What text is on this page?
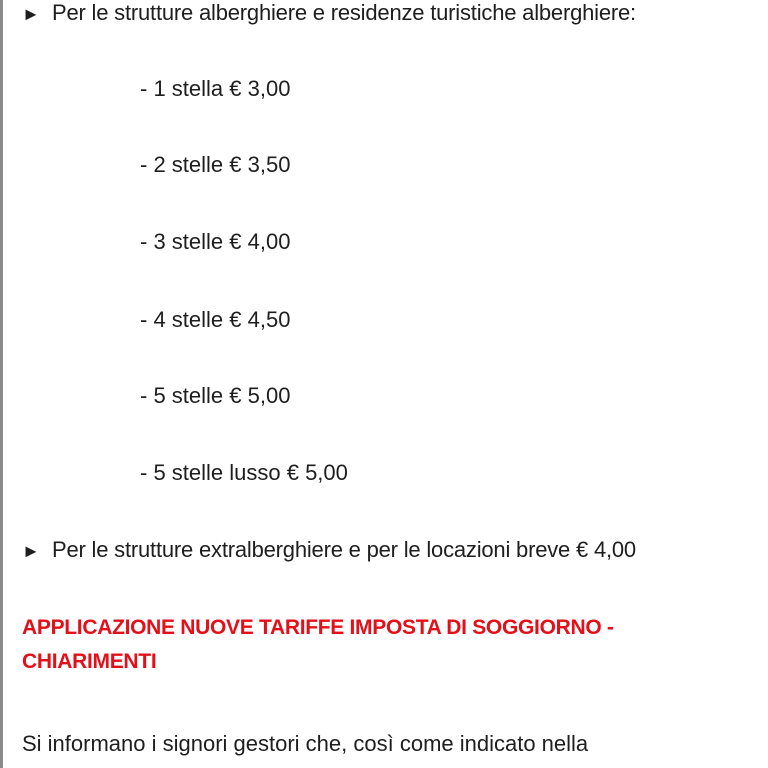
► Per le strutture alberghiere e residenze turistiche alberghiere:
- 1 stella € 3,00
- 2 stelle € 3,50
- 3 stelle € 4,00
- 4 stelle € 4,50
- 5 stelle € 5,00
- 5 stelle lusso € 5,00
► Per le strutture extralberghiere e per le locazioni breve € 4,00
APPLICAZIONE NUOVE TARIFFE IMPOSTA DI SOGGIORNO - CHIARIMENTI
Si informano i signori gestori che, così come indicato nella
